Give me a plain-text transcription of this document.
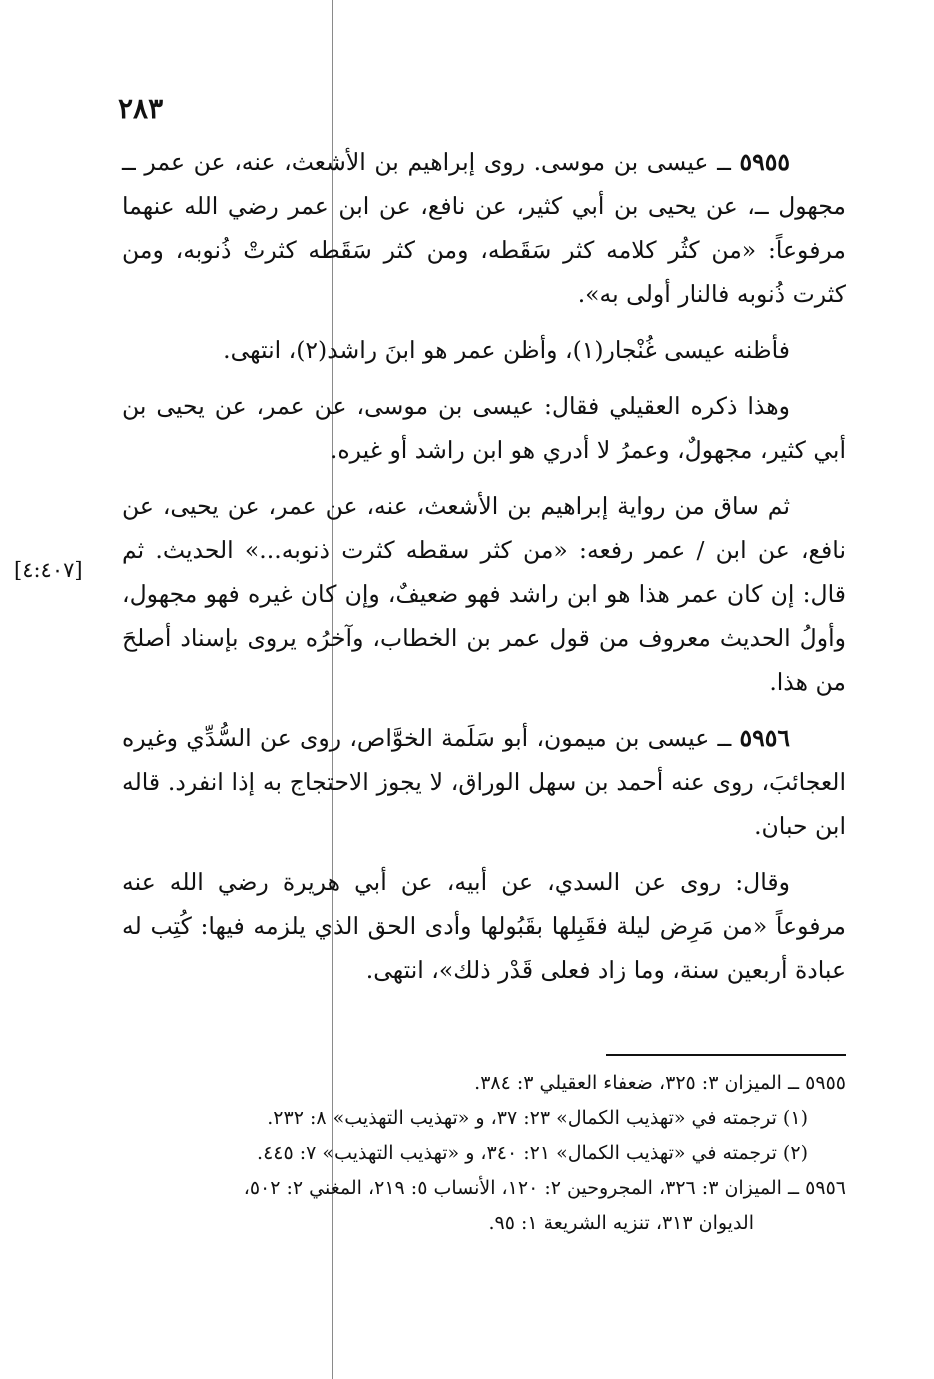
٢٨٣
[٤:٤٠٧]

٥٩٥٥ ــ عيسى بن موسى. روى إبراهيم بن الأشعث، عنه، عن عمر ــ مجهول ــ، عن يحيى بن أبي كثير، عن نافع، عن ابن عمر رضي الله عنهما مرفوعاً: «من كثُر كلامه كثر سَقَطه، ومن كثر سَقَطه كثرتْ ذُنوبه، ومن كثرت ذُنوبه فالنار أولى به».

فأظنه عيسى غُنْجار(١)، وأظن عمر هو ابنَ راشد(٢)، انتهى.

وهذا ذكره العقيلي فقال: عيسى بن موسى، عن عمر، عن يحيى بن أبي كثير، مجهولٌ، وعمرُ لا أدري هو ابن راشد أو غيره.

ثم ساق من رواية إبراهيم بن الأشعث، عنه، عن عمر، عن يحيى، عن نافع، عن ابن / عمر رفعه: «من كثر سقطه كثرت ذنوبه...» الحديث. ثم قال: إن كان عمر هذا هو ابن راشد فهو ضعيفٌ، وإن كان غيره فهو مجهول، وأولُ الحديث معروف من قول عمر بن الخطاب، وآخرُه يروى بإسناد أصلحَ من هذا.

٥٩٥٦ ــ عيسى بن ميمون، أبو سَلَمة الخوَّاص، روى عن السُّدِّي وغيره العجائبَ، روى عنه أحمد بن سهل الوراق، لا يجوز الاحتجاج به إذا انفرد. قاله ابن حبان.

وقال: روى عن السدي، عن أبيه، عن أبي هريرة رضي الله عنه مرفوعاً «من مَرِض ليلة فقَبِلها بقَبُولها وأدى الحق الذي يلزمه فيها: كُتِب له عبادة أربعين سنة، وما زاد فعلى قَدْر ذلك»، انتهى.

٥٩٥٥ ــ الميزان ٣: ٣٢٥، ضعفاء العقيلي ٣: ٣٨٤.

(١) ترجمته في «تهذيب الكمال» ٢٣: ٣٧، و «تهذيب التهذيب» ٨: ٢٣٢.

(٢) ترجمته في «تهذيب الكمال» ٢١: ٣٤٠، و «تهذيب التهذيب» ٧: ٤٤٥.

٥٩٥٦ ــ الميزان ٣: ٣٢٦، المجروحين ٢: ١٢٠، الأنساب ٥: ٢١٩، المغني ٢: ٥٠٢،

الديوان ٣١٣، تنزيه الشريعة ١: ٩٥.
